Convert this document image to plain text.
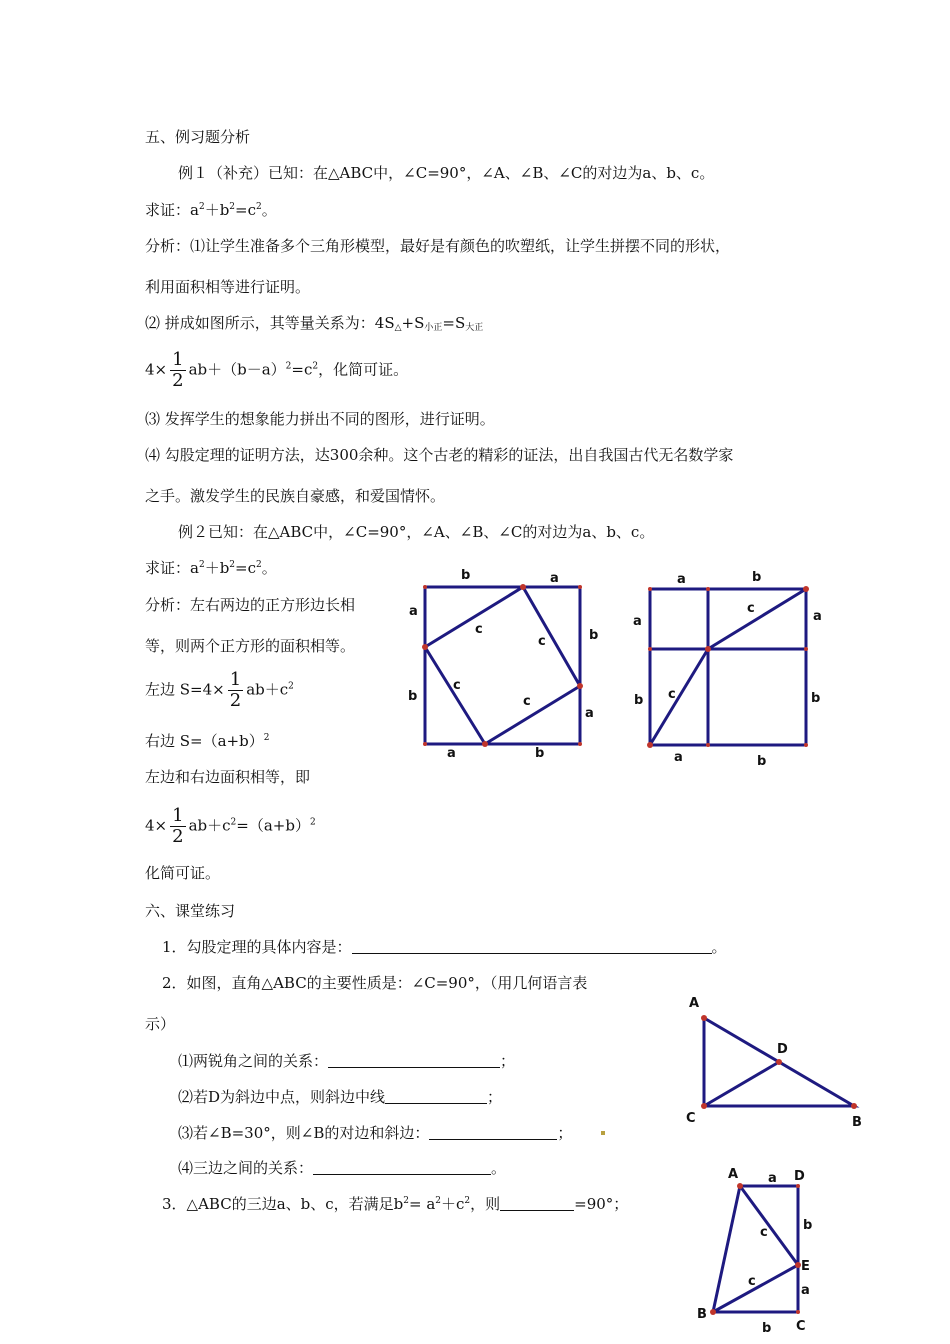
五、例习题分析
例１（补充）已知：在△ABC中，∠C=90°，∠A、∠B、∠C的对边为a、b、c。
求证：$a^2+b^2=c^2$。
分析：⑴让学生准备多个三角形模型，最好是有颜色的吹塑纸，让学生拼摆不同的形状，
利用面积相等进行证明。
⑵ 拼成如图所示，其等量关系为：$4S_\triangle+S_{小正}=S_{大正}$
$4\times \frac{1}{2} ab+(b-a)^2=c^2$，化简可证。
⑶ 发挥学生的想象能力拼出不同的图形，进行证明。
⑷ 勾股定理的证明方法，达300余种。这个古老的精彩的证法，出自我国古代无名数学家
之手。激发学生的民族自豪感，和爱国情怀。
例２已知：在△ABC中，∠C=90°，∠A、∠B、∠C的对边为a、b、c。
求证：$a^2+b^2=c^2$。
分析：左右两边的正方形边长相
等，则两个正方形的面积相等。
左边 $S=4\times \frac{1}{2} ab+c^2$
右边 $S=(a+b)^2$
左边和右边面积相等，即
$4\times \frac{1}{2} ab+c^2=(a+b)^2$
化简可证。
b	a
a
b
b
a
a	b
c
c
c
c
a	b
a
b
a
b
a	b
c
c
六、课堂练习
1．勾股定理的具体内容是：	。
2．如图，直角△ABC的主要性质是：∠C=90°，（用几何语言表
示）
⑴两锐角之间的关系：	；
⑵若D为斜边中点，则斜边中线	；
⑶若∠B=30°，则∠B的对边和斜边：	；
⑷三边之间的关系：	。
3．△ABC的三边a、b、c，若满足$b^2= a^2+c^2$，则	=90°；
A
B
C
D
A	D
E
B
C
a
b
c
c
a
b
